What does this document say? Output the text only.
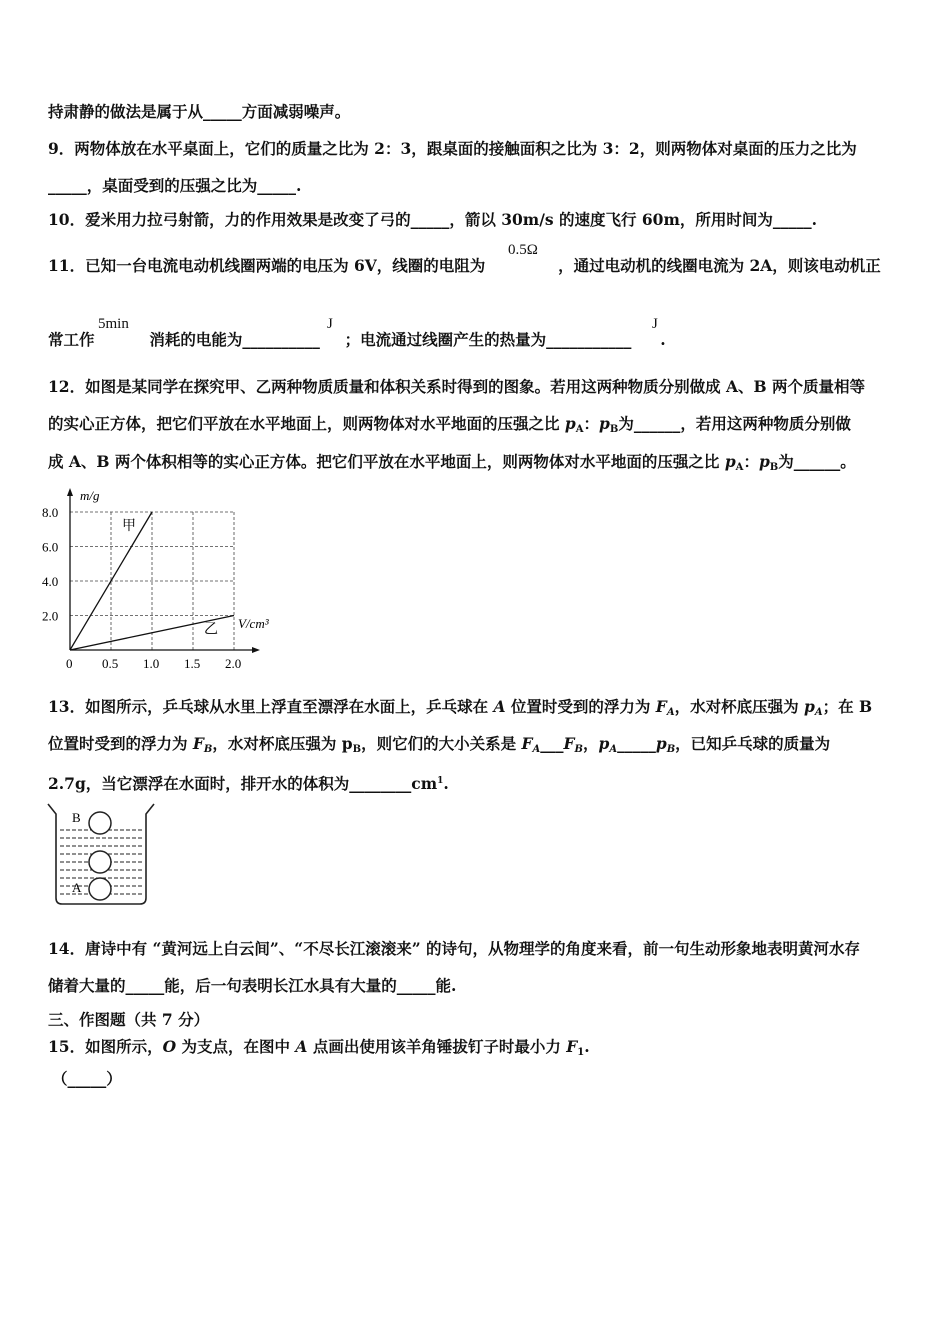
持肃静的做法是属于从_____方面减弱噪声。
9．两物体放在水平桌面上，它们的质量之比为 2：3，跟桌面的接触面积之比为 3：2，则两物体对桌面的压力之比为
_____，桌面受到的压强之比为_____.
10．爱米用力拉弓射箭，力的作用效果是改变了弓的_____，箭以 30m/s 的速度飞行 60m，所用时间为_____.
11．已知一台电流电动机线圈两端的电压为 6V，线圈的电阻为	，通过电动机的线圈电流为 2A，则该电动机正
0.5Ω
常工作	消耗的电能为__________ ；电流通过线圈产生的热量为___________ .
5min	J	J
12．如图是某同学在探究甲、乙两种物质质量和体积关系时得到的图象。若用这两种物质分别做成 A、B 两个质量相等
的实心正方体，把它们平放在水平地面上，则两物体对水平地面的压强之比 $p_A$：$p_B$为______，若用这两种物质分别做
成 A、B 两个体积相等的实心正方体。把它们平放在水平地面上，则两物体对水平地面的压强之比 $p_A$：$p_B$为______。
0.5 1.0 1.5 2.0
2.0
4.0
6.0
8.0
0
m/g
V/cm³
甲
乙
13．如图所示，乒乓球从水里上浮直至漂浮在水面上，乒乓球在 A 位置时受到的浮力为 $F_A$，水对杯底压强为 $p_A$；在 B
位置时受到的浮力为 $F_B$，水对杯底压强为 $p_B$，则它们的大小关系是 $F_A\_\_\_F_B$，$p_A\_\_\_\_\_p_B$，已知乒乓球的质量为
2.7g，当它漂浮在水面时，排开水的体积为$\_\_\_\_\_\_\_\_cm^1$.
B
A
14．唐诗中有 “黄河远上白云间”、“不尽长江滚滚来” 的诗句，从物理学的角度来看，前一句生动形象地表明黄河水存
储着大量的_____能，后一句表明长江水具有大量的_____能.
三、作图题（共 7 分）
15．如图所示，O 为支点，在图中 A 点画出使用该羊角锤拔钉子时最小力 $F_1$.
（_____）
